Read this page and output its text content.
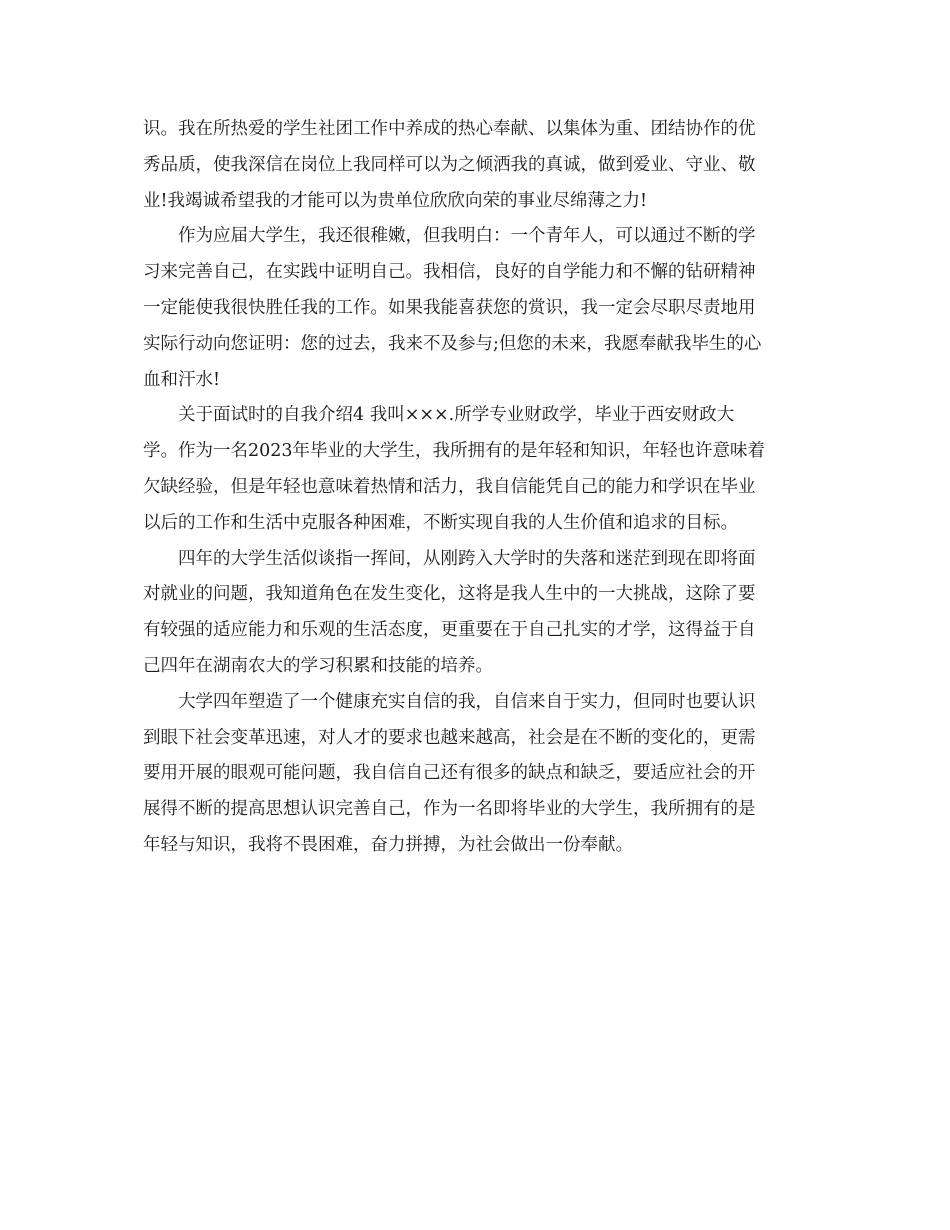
识。我在所热爱的学生社团工作中养成的热心奉献、以集体为重、团结协作的优
秀品质，使我深信在岗位上我同样可以为之倾洒我的真诚，做到爱业、守业、敬
业!我竭诚希望我的才能可以为贵单位欣欣向荣的事业尽绵薄之力!
　　作为应届大学生，我还很稚嫩，但我明白：一个青年人，可以通过不断的学
习来完善自己，在实践中证明自己。我相信，良好的自学能力和不懈的钻研精神
一定能使我很快胜任我的工作。如果我能喜获您的赏识，我一定会尽职尽责地用
实际行动向您证明：您的过去，我来不及参与;但您的未来，我愿奉献我毕生的心
血和汗水!
　　关于面试时的自我介绍4 我叫×××.所学专业财政学，毕业于西安财政大
学。作为一名2023年毕业的大学生，我所拥有的是年轻和知识，年轻也许意味着
欠缺经验，但是年轻也意味着热情和活力，我自信能凭自己的能力和学识在毕业
以后的工作和生活中克服各种困难，不断实现自我的人生价值和追求的目标。
　　四年的大学生活似谈指一挥间，从刚跨入大学时的失落和迷茫到现在即将面
对就业的问题，我知道角色在发生变化，这将是我人生中的一大挑战，这除了要
有较强的适应能力和乐观的生活态度，更重要在于自己扎实的才学，这得益于自
己四年在湖南农大的学习积累和技能的培养。
　　大学四年塑造了一个健康充实自信的我，自信来自于实力，但同时也要认识
到眼下社会变革迅速，对人才的要求也越来越高，社会是在不断的变化的，更需
要用开展的眼观可能问题，我自信自己还有很多的缺点和缺乏，要适应社会的开
展得不断的提高思想认识完善自己，作为一名即将毕业的大学生，我所拥有的是
年轻与知识，我将不畏困难，奋力拼搏，为社会做出一份奉献。
